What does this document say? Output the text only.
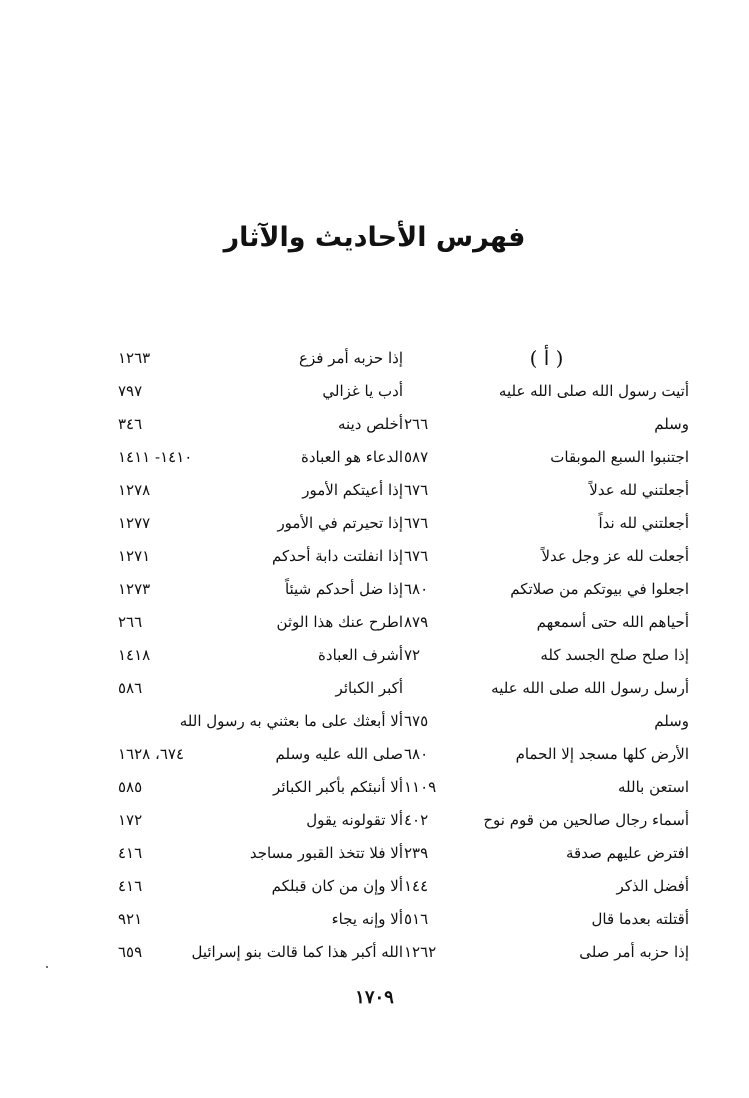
فهرس الأحاديث والآثار
( أ )
أتيت رسول الله صلى الله عليه
وسلم
٢٦٦
اجتنبوا السبع الموبقات
٥٨٧
أجعلتني لله عدلاً
٦٧٦
أجعلتني لله نداً
٦٧٦
أجعلت لله عز وجل عدلاً
٦٧٦
اجعلوا في بيوتكم من صلاتكم
٦٨٠
أحياهم الله حتى أسمعهم
٨٧٩
إذا صلح صلح الجسد كله
٧٢
أرسل رسول الله صلى الله عليه
وسلم
٦٧٥
الأرض كلها مسجد إلا الحمام
٦٨٠
استعن بالله
١١٠٩
أسماء رجال صالحين من قوم نوح
٤٠٢
افترض عليهم صدقة
٢٣٩
أفضل الذكر
١٤٤
أقتلته بعدما قال
٥١٦
إذا حزبه أمر صلى
١٢٦٢
إذا حزبه أمر فزع
١٢٦٣
أدب يا غزالي
٧٩٧
أخلص دينه
٣٤٦
الدعاء هو العبادة
١٤١٠- ١٤١١
إذا أعيتكم الأمور
١٢٧٨
إذا تحيرتم في الأمور
١٢٧٧
إذا انفلتت دابة أحدكم
١٢٧١
إذا ضل أحدكم شيئاً
١٢٧٣
اطرح عنك هذا الوثن
٢٦٦
أشرف العبادة
١٤١٨
أكبر الكبائر
٥٨٦
ألا أبعثك على ما بعثني به رسول الله
صلى الله عليه وسلم
٦٧٤، ١٦٢٨
ألا أنبئكم بأكبر الكبائر
٥٨٥
ألا تقولونه يقول
١٧٢
ألا فلا تتخذ القبور مساجد
٤١٦
ألا وإن من كان قبلكم
٤١٦
ألا وإنه يجاء
٩٢١
الله أكبر هذا كما قالت بنو إسرائيل
٦٥٩
١٧٠٩
